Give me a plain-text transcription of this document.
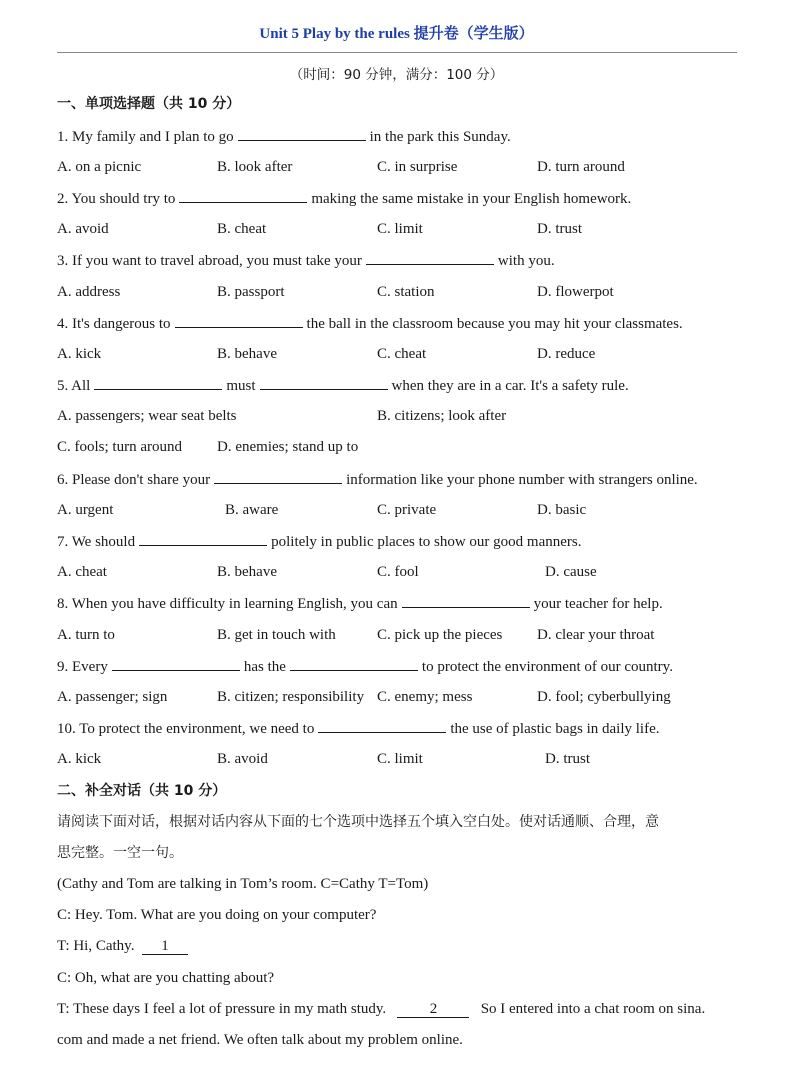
Unit 5 Play by the rules 提升卷（学生版）
（时间：90 分钟，满分：100 分）
一、单项选择题（共 10 分）
1. My family and I plan to go	in the park this Sunday.
A. on a picnic	B. look after	C. in surprise	D. turn around
2. You should try to	making the same mistake in your English homework.
A. avoid	B. cheat	C. limit	D. trust
3. If you want to travel abroad, you must take your	with you.
A. address	B. passport	C. station	D. flowerpot
4. It's dangerous to	the ball in the classroom because you may hit your classmates.
A. kick	B. behave	C. cheat	D. reduce
5. All	must	when they are in a car. It's a safety rule.
A. passengers; wear seat belts	B. citizens; look after
C. fools; turn around D. enemies; stand up to
6. Please don't share your	information like your phone number with strangers online.
A. urgent	B. aware	C. private	D. basic
7. We should	politely in public places to show our good manners.
A. cheat	B. behave	C. fool	D. cause
8. When you have difficulty in learning English, you can	your teacher for help.
A. turn to	B. get in touch with	C. pick up the pieces D. clear your throat
9. Every	has the	to protect the environment of our country.
A. passenger; sign	B. citizen; responsibility C. enemy; mess	D. fool; cyberbullying
10. To protect the environment, we need to	the use of plastic bags in daily life.
A. kick	B. avoid	C. limit	D. trust
二、补全对话（共 10 分）
请阅读下面对话，根据对话内容从下面的七个选项中选择五个填入空白处。使对话通顺、合理，意
思完整。一空一句。
(Cathy and Tom are talking in Tom’s room. C=Cathy T=Tom)
C: Hey. Tom. What are you doing on your computer?
T: Hi, Cathy. 1
C: Oh, what are you chatting about?
T: These days I feel a lot of pressure in my math study.	2	So I entered into a chat room on sina.
com and made a net friend. We often talk about my problem online.
